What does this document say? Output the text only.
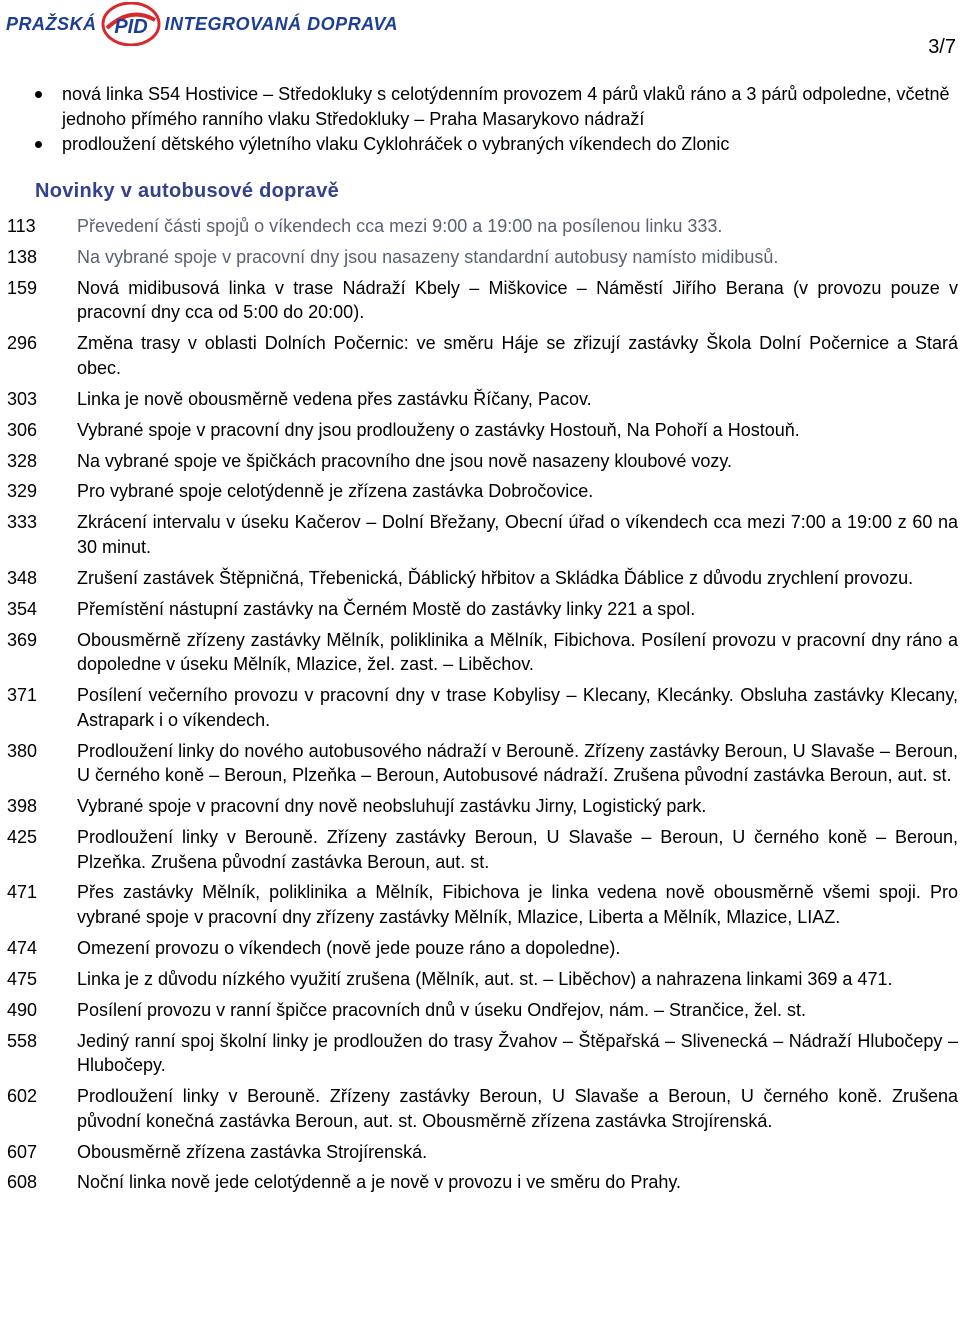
PRAŽSKÁ PID INTEGROVANÁ DOPRAVA
3/7
nová linka S54 Hostivice – Středokluky s celotýdenním provozem 4 párů vlaků ráno a 3 párů odpoledne, včetně jednoho přímého ranního vlaku Středokluky – Praha Masarykovo nádraží
prodloužení dětského výletního vlaku Cyklohráček o vybraných víkendech do Zlonic
Novinky v autobusové dopravě
113	Převedení části spojů o víkendech cca mezi 9:00 a 19:00 na posílenou linku 333.
138	Na vybrané spoje v pracovní dny jsou nasazeny standardní autobusy namísto midibusů.
159	Nová midibusová linka v trase Nádraží Kbely – Miškovice – Náměstí Jiřího Berana (v provozu pouze v pracovní dny cca od 5:00 do 20:00).
296	Změna trasy v oblasti Dolních Počernic: ve směru Háje se zřizují zastávky Škola Dolní Počernice a Stará obec.
303	Linka je nově obousměrně vedena přes zastávku Říčany, Pacov.
306	Vybrané spoje v pracovní dny jsou prodlouženy o zastávky Hostouň, Na Pohoří a Hostouň.
328	Na vybrané spoje ve špičkách pracovního dne jsou nově nasazeny kloubové vozy.
329	Pro vybrané spoje celotýdenně je zřízena zastávka Dobročovice.
333	Zkrácení intervalu v úseku Kačerov – Dolní Břežany, Obecní úřad o víkendech cca mezi 7:00 a 19:00 z 60 na 30 minut.
348	Zrušení zastávek Štěpničná, Třebenická, Ďáblický hřbitov a Skládka Ďáblice z důvodu zrychlení provozu.
354	Přemístění nástupní zastávky na Černém Mostě do zastávky linky 221 a spol.
369	Obousměrně zřízeny zastávky Mělník, poliklinika a Mělník, Fibichova. Posílení provozu v pracovní dny ráno a dopoledne v úseku Mělník, Mlazice, žel. zast. – Liběchov.
371	Posílení večerního provozu v pracovní dny v trase Kobylisy – Klecany, Klecánky. Obsluha zastávky Klecany, Astrapark i o víkendech.
380	Prodloužení linky do nového autobusového nádraží v Berouně. Zřízeny zastávky Beroun, U Slavaše – Beroun, U černého koně – Beroun, Plzeňka – Beroun, Autobusové nádraží. Zrušena původní zastávka Beroun, aut. st.
398	Vybrané spoje v pracovní dny nově neobsluhují zastávku Jirny, Logistický park.
425	Prodloužení linky v Berouně. Zřízeny zastávky Beroun, U Slavaše – Beroun, U černého koně – Beroun, Plzeňka. Zrušena původní zastávka Beroun, aut. st.
471	Přes zastávky Mělník, poliklinika a Mělník, Fibichova je linka vedena nově obousměrně všemi spoji. Pro vybrané spoje v pracovní dny zřízeny zastávky Mělník, Mlazice, Liberta a Mělník, Mlazice, LIAZ.
474	Omezení provozu o víkendech (nově jede pouze ráno a dopoledne).
475	Linka je z důvodu nízkého využití zrušena (Mělník, aut. st. – Liběchov) a nahrazena linkami 369 a 471.
490	Posílení provozu v ranní špičce pracovních dnů v úseku Ondřejov, nám. – Strančice, žel. st.
558	Jediný ranní spoj školní linky je prodloužen do trasy Žvahov – Štěpařská – Slivenecká – Nádraží Hlubočepy – Hlubočepy.
602	Prodloužení linky v Berouně. Zřízeny zastávky Beroun, U Slavaše a Beroun, U černého koně. Zrušena původní konečná zastávka Beroun, aut. st. Obousměrně zřízena zastávka Strojírenská.
607	Obousměrně zřízena zastávka Strojírenská.
608	Noční linka nově jede celotýdenně a je nově v provozu i ve směru do Prahy.
